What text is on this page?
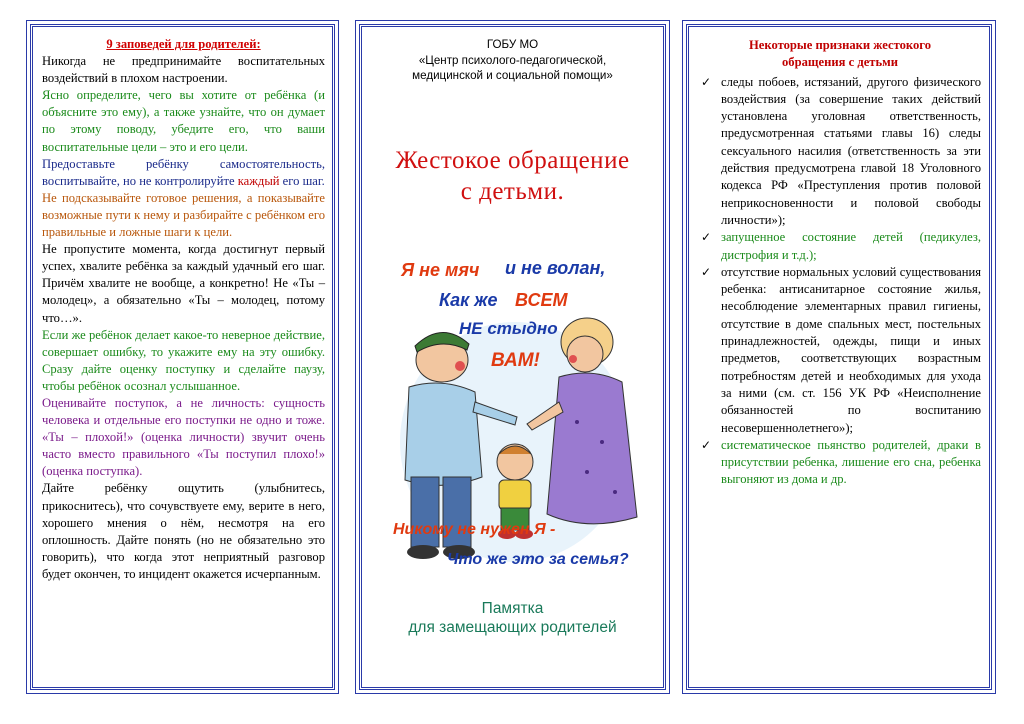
9 заповедей для родителей:
Никогда не предпринимайте воспитательных воздействий в плохом настроении.
Ясно определите, чего вы хотите от ребёнка (и объясните это ему), а также узнайте, что он думает по этому поводу, убедите его, что ваши воспитательные цели – это и его цели.
Предоставьте ребёнку самостоятельность, воспитывайте, но не контролируйте каждый его шаг.
Не подсказывайте готовое решения, а показывайте возможные пути к нему и разбирайте с ребёнком его правильные и ложные шаги к цели.
Не пропустите момента, когда достигнут первый успех, хвалите ребёнка за каждый удачный его шаг. Причём хвалите не вообще, а конкретно! Не «Ты – молодец», а обязательно «Ты – молодец, потому что…».
Если же ребёнок делает какое-то неверное действие, совершает ошибку, то укажите ему на эту ошибку. Сразу дайте оценку поступку и сделайте паузу, чтобы ребёнок осознал услышанное.
Оценивайте поступок, а не личность: сущность человека и отдельные его поступки не одно и тоже. «Ты – плохой!» (оценка личности) звучит очень часто вместо правильного «Ты поступил плохо!» (оценка поступка).
Дайте ребёнку ощутить (улыбнитесь, прикоснитесь), что сочувствуете ему, верите в него, хорошего мнения о нём, несмотря на его оплошность. Дайте понять (но не обязательно это говорить), что когда этот неприятный разговор будет окончен, то инцидент окажется исчерпанным.
ГОБУ МО
«Центр психолого-педагогической,
медицинской и социальной помощи»
Жестокое обращение
с детьми.
Я не мяч и не волан,
Как же ВСЕМ
НЕ стыдно
ВАМ!
Никому не нужен Я -
Что же это за семья?
Памятка
для замещающих родителей
Некоторые признаки жестокого
обращения с детьми
✓ следы побоев, истязаний, другого физического воздействия (за совершение таких действий установлена уголовная ответственность, предусмотренная статьями главы 16) следы сексуального насилия (ответственность за эти действия предусмотрена главой 18 Уголовного кодекса РФ «Преступления против половой неприкосновенности и половой свободы личности»);
✓ запущенное состояние детей (педикулез, дистрофия и т.д.);
✓ отсутствие нормальных условий существования ребенка: антисанитарное состояние жилья, несоблюдение элементарных правил гигиены, отсутствие в доме спальных мест, постельных принадлежностей, одежды, пищи и иных предметов, соответствующих возрастным потребностям детей и необходимых для ухода за ними (см. ст. 156 УК РФ «Неисполнение обязанностей по воспитанию несовершеннолетнего»);
✓ систематическое пьянство родителей, драки в присутствии ребенка, лишение его сна, ребенка выгоняют из дома и др.
